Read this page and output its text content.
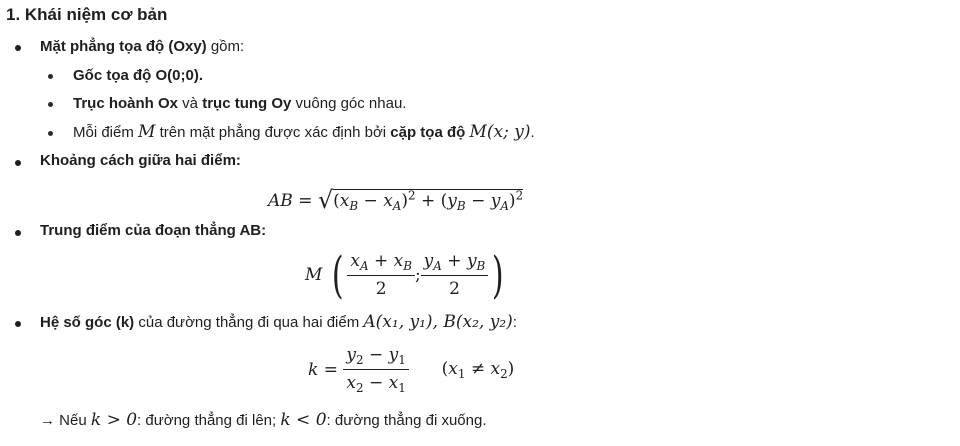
1. Khái niệm cơ bản
Mặt phẳng tọa độ (Oxy) gồm:
Gốc tọa độ O(0;0).
Trục hoành Ox và trục tung Oy vuông góc nhau.
Mỗi điểm M trên mặt phẳng được xác định bởi cặp tọa độ M(x; y).
Khoảng cách giữa hai điểm:
AB = $√(x_B - x_A)^2 + (y_B - y_A)^2$
Trung điểm của đoạn thẳng AB:
M ( $\frac{x_A + x_B}{2}$ ; $\frac{y_A + y_B}{2}$ )
Hệ số góc (k) của đường thẳng đi qua hai điểm A(x₁, y₁), B(x₂, y₂):
$k = \frac{y_2 - y_1}{x_2 - x_1} (x_1 \ne x_2)$
→ Nếu k > 0: đường thẳng đi lên; k < 0: đường thẳng đi xuống.
